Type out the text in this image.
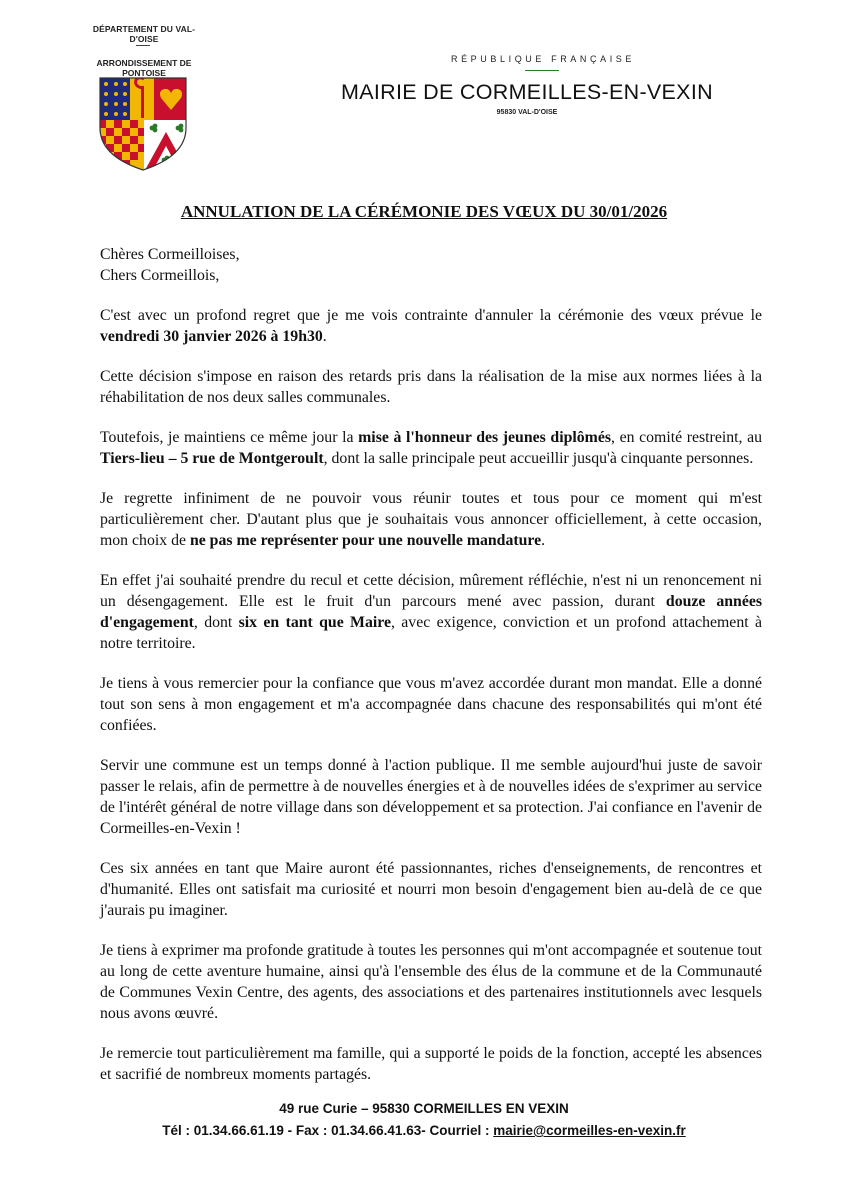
DÉPARTEMENT DU VAL-D'OISE
ARRONDISSEMENT DE PONTOISE
RÉPUBLIQUE FRANÇAISE
MAIRIE DE CORMEILLES-EN-VEXIN
95830 VAL-D'OISE
ANNULATION DE LA CÉRÉMONIE DES VŒUX DU 30/01/2026

Chères Cormeilloises,

Chers Cormeillois,

C'est avec un profond regret que je me vois contrainte d'annuler la cérémonie des vœux prévue le vendredi 30 janvier 2026 à 19h30.

Cette décision s'impose en raison des retards pris dans la réalisation de la mise aux normes liées à la réhabilitation de nos deux salles communales.

Toutefois, je maintiens ce même jour la mise à l'honneur des jeunes diplômés, en comité restreint, au Tiers-lieu – 5 rue de Montgeroult, dont la salle principale peut accueillir jusqu'à cinquante personnes.

Je regrette infiniment de ne pouvoir vous réunir toutes et tous pour ce moment qui m'est particulièrement cher. D'autant plus que je souhaitais vous annoncer officiellement, à cette occasion, mon choix de ne pas me représenter pour une nouvelle mandature.

En effet j'ai souhaité prendre du recul et cette décision, mûrement réfléchie, n'est ni un renoncement ni un désengagement. Elle est le fruit d'un parcours mené avec passion, durant douze années d'engagement, dont six en tant que Maire, avec exigence, conviction et un profond attachement à notre territoire.

Je tiens à vous remercier pour la confiance que vous m'avez accordée durant mon mandat. Elle a donné tout son sens à mon engagement et m'a accompagnée dans chacune des responsabilités qui m'ont été confiées.

Servir une commune est un temps donné à l'action publique. Il me semble aujourd'hui juste de savoir passer le relais, afin de permettre à de nouvelles énergies et à de nouvelles idées de s'exprimer au service de l'intérêt général de notre village dans son développement et sa protection. J'ai confiance en l'avenir de Cormeilles-en-Vexin !

Ces six années en tant que Maire auront été passionnantes, riches d'enseignements, de rencontres et d'humanité. Elles ont satisfait ma curiosité et nourri mon besoin d'engagement bien au-delà de ce que j'aurais pu imaginer.

Je tiens à exprimer ma profonde gratitude à toutes les personnes qui m'ont accompagnée et soutenue tout au long de cette aventure humaine, ainsi qu'à l'ensemble des élus de la commune et de la Communauté de Communes Vexin Centre, des agents, des associations et des partenaires institutionnels avec lesquels nous avons œuvré.

Je remercie tout particulièrement ma famille, qui a supporté le poids de la fonction, accepté les absences et sacrifié de nombreux moments partagés.

49 rue Curie – 95830 CORMEILLES EN VEXIN
Tél : 01.34.66.61.19 - Fax : 01.34.66.41.63- Courriel : mairie@cormeilles-en-vexin.fr
